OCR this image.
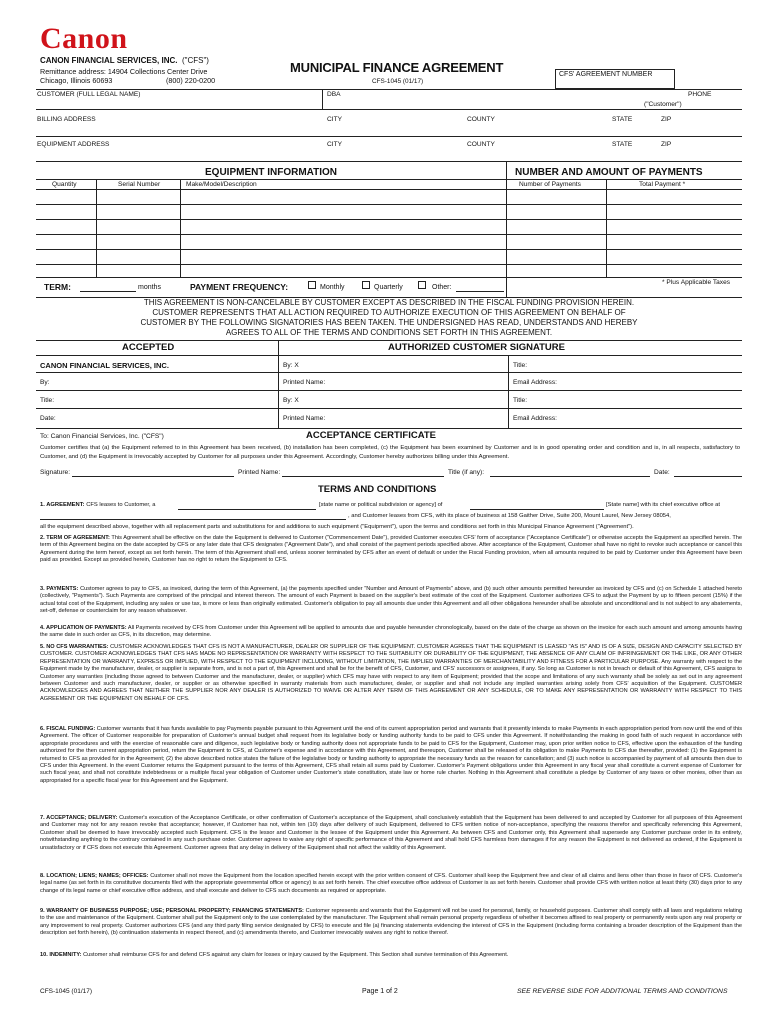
Canon
CANON FINANCIAL SERVICES, INC. ("CFS")
Remittance address: 14904 Collections Center Drive
Chicago, Illinois 60693	(800) 220-0200
MUNICIPAL FINANCE AGREEMENT
CFS-1045 (01/17)
CFS' AGREEMENT NUMBER
CUSTOMER (FULL LEGAL NAME)	DBA	PHONE
("Customer")
BILLING ADDRESS	CITY	COUNTY	STATE	ZIP
EQUIPMENT ADDRESS	CITY	COUNTY	STATE	ZIP
EQUIPMENT INFORMATION	NUMBER AND AMOUNT OF PAYMENTS
Quantity	Serial Number	Make/Model/Description	Number of Payments	Total Payment *
* Plus Applicable Taxes
TERM:	months	PAYMENT FREQUENCY:	Monthly	Quarterly	Other:
THIS AGREEMENT IS NON-CANCELABLE BY CUSTOMER EXCEPT AS DESCRIBED IN THE FISCAL FUNDING PROVISION HEREIN.
CUSTOMER REPRESENTS THAT ALL ACTION REQUIRED TO AUTHORIZE EXECUTION OF THIS AGREEMENT ON BEHALF OF
CUSTOMER BY THE FOLLOWING SIGNATORIES HAS BEEN TAKEN. THE UNDERSIGNED HAS READ, UNDERSTANDS AND HEREBY
AGREES TO ALL OF THE TERMS AND CONDITIONS SET FORTH IN THIS AGREEMENT.
ACCEPTED	AUTHORIZED CUSTOMER SIGNATURE
CANON FINANCIAL SERVICES, INC.	By: X	Title:
By:	Printed Name:	Email Address:
Title:	By: X	Title:
Date:	Printed Name:	Email Address:
To: Canon Financial Services, Inc. ("CFS")	ACCEPTANCE CERTIFICATE
Customer certifies that (a) the Equipment referred to in this Agreement has been received, (b) installation has been completed, (c) the Equipment has been examined by Customer and is in good operating order and condition and is, in all respects, satisfactory to Customer, and (d) the Equipment is irrevocably accepted by Customer for all purposes under this Agreement. Accordingly, Customer hereby authorizes billing under this Agreement.
Signature:	Printed Name:	Title (if any):	Date:
TERMS AND CONDITIONS
1. AGREEMENT: CFS leases to Customer, a	[state name or political subdivision or agency] of	[State name] with its chief executive office at
, and Customer leases from CFS, with its place of business at 158 Gaither Drive, Suite 200, Mount Laurel, New Jersey 08054,
all the equipment described above, together with all replacement parts and substitutions for and additions to such equipment ("Equipment"), upon the terms and conditions set forth in this Municipal Finance Agreement ("Agreement").
2. TERM OF AGREEMENT: This Agreement shall be effective on the date the Equipment is delivered to Customer ("Commencement Date"), provided Customer executes CFS' form of acceptance ("Acceptance Certificate") or otherwise accepts the Equipment as specified herein. The term of this Agreement begins on the date accepted by CFS or any later date that CFS designates ("Agreement Date"), and shall consist of the payment periods specified above. After acceptance of the Equipment, Customer shall have no right to revoke such acceptance or cancel this Agreement during the term hereof, except as set forth herein. The term of this Agreement shall end, unless sooner terminated by CFS after an event of default or under the Fiscal Funding provision, when all amounts required to be paid by Customer under this Agreement have been paid as provided. Except as provided herein, Customer has no right to return the Equipment to CFS.
3. PAYMENTS: Customer agrees to pay to CFS, as invoiced, during the term of this Agreement, (a) the payments specified under "Number and Amount of Payments" above, and (b) such other amounts permitted hereunder as invoiced by CFS and (c) on Schedule 1 attached hereto (collectively, "Payments"). Such Payments are comprised of the principal and interest thereon. The amount of each Payment is based on the supplier's best estimate of the cost of the Equipment. Customer authorizes CFS to adjust the Payment by up to fifteen percent (15%) if the actual total cost of the Equipment, including any sales or use tax, is more or less than originally estimated. Customer's obligation to pay all amounts due under this Agreement and all other obligations hereunder shall be absolute and unconditional and is not subject to any abatements, set-off, defense or counterclaim for any reason whatsoever.
4. APPLICATION OF PAYMENTS: All Payments received by CFS from Customer under this Agreement will be applied to amounts due and payable hereunder chronologically, based on the date of the charge as shown on the invoice for each such amount and among amounts having the same date in such order as CFS, in its discretion, may determine.
5. NO CFS WARRANTIES: CUSTOMER ACKNOWLEDGES THAT CFS IS NOT A MANUFACTURER, DEALER OR SUPPLIER OF THE EQUIPMENT. CUSTOMER AGREES THAT THE EQUIPMENT IS LEASED "AS IS" AND IS OF A SIZE, DESIGN AND CAPACITY SELECTED BY CUSTOMER. CUSTOMER ACKNOWLEDGES THAT CFS HAS MADE NO REPRESENTATION OR WARRANTY WITH RESPECT TO THE SUITABILITY OR DURABILITY OF THE EQUIPMENT, THE ABSENCE OF ANY CLAIM OF INFRINGEMENT OR THE LIKE, OR ANY OTHER REPRESENTATION OR WARRANTY, EXPRESS OR IMPLIED, WITH RESPECT TO THE EQUIPMENT INCLUDING, WITHOUT LIMITATION, THE IMPLIED WARRANTIES OF MERCHANTABILITY AND FITNESS FOR A PARTICULAR PURPOSE. Any warranty with respect to the Equipment made by the manufacturer, dealer, or supplier is separate from, and is not a part of, this Agreement and shall be for the benefit of CFS, Customer, and CFS' successors or assignees, if any. So long as Customer is not in breach or default of this Agreement, CFS assigns to Customer any warranties (including those agreed to between Customer and the manufacturer, dealer, or supplier) which CFS may have with respect to any item of Equipment; provided that the scope and limitations of any such warranty shall be solely as set out in any agreement between Customer and such manufacturer, dealer, or supplier or as otherwise specified in warranty materials from such manufacturer, dealer, or supplier and shall not include any implied warranties arising solely from CFS' acquisition of the Equipment. CUSTOMER ACKNOWLEDGES AND AGREES THAT NEITHER THE SUPPLIER NOR ANY DEALER IS AUTHORIZED TO WAIVE OR ALTER ANY TERM OF THIS AGREEMENT OR ANY SCHEDULE, OR TO MAKE ANY REPRESENTATION OR WARRANTY WITH RESPECT TO THIS AGREEMENT OR THE EQUIPMENT ON BEHALF OF CFS.
6. FISCAL FUNDING: Customer warrants that it has funds available to pay Payments payable pursuant to this Agreement until the end of its current appropriation period and warrants that it presently intends to make Payments in each appropriation period from now until the end of this Agreement. The officer of Customer responsible for preparation of Customer's annual budget shall request from its legislative body or funding authority funds to be paid to CFS under this Agreement. If notwithstanding the making in good faith of such request in accordance with appropriate procedures and with the exercise of reasonable care and diligence, such legislative body or funding authority does not appropriate funds to be paid to CFS for the Equipment, Customer may, upon prior written notice to CFS, effective upon the exhaustion of the funding authorized for the then current appropriation period, return the Equipment to CFS, at Customer's expense and in accordance with this Agreement, and thereupon, Customer shall be released of its obligation to make Payments to CFS due thereafter, provided: (1) the Equipment is returned to CFS as provided for in the Agreement; (2) the above described notice states the failure of the legislative body or funding authority to appropriate the necessary funds as the reason for cancellation; and (3) such notice is accompanied by payment of all amounts then due to CFS under this Agreement. In the event Customer returns the Equipment pursuant to the terms of this Agreement, CFS shall retain all sums paid by Customer. Customer's Payment obligations under this Agreement in any fiscal year shall constitute a current expense of Customer for such fiscal year, and shall not constitute indebtedness or a multiple fiscal year obligation of Customer under Customer's state constitution, state law or home rule charter. Nothing in this Agreement shall constitute a pledge by Customer of any taxes or other monies, other than as appropriated for a specific fiscal year for this Agreement and the Equipment.
7. ACCEPTANCE; DELIVERY: Customer's execution of the Acceptance Certificate, or other confirmation of Customer's acceptance of the Equipment, shall conclusively establish that the Equipment has been delivered to and accepted by Customer for all purposes of this Agreement and Customer may not for any reason revoke that acceptance; however, if Customer has not, within ten (10) days after delivery of such Equipment, delivered to CFS written notice of non-acceptance, specifying the reasons therefor and specifically referencing this Agreement, Customer shall be deemed to have irrevocably accepted such Equipment. CFS is the lessor and Customer is the lessee of the Equipment under this Agreement. As between CFS and Customer only, this Agreement shall supersede any Customer purchase order in its entirety, notwithstanding anything to the contrary contained in any such purchase order. Customer agrees to waive any right of specific performance of this Agreement and shall hold CFS harmless from damages if for any reason the Equipment is not delivered as ordered, if the Equipment is unsatisfactory or if CFS does not execute this Agreement. Customer agrees that any delay in delivery of the Equipment shall not affect the validity of this Agreement.
8. LOCATION; LIENS; NAMES; OFFICES: Customer shall not move the Equipment from the location specified herein except with the prior written consent of CFS. Customer shall keep the Equipment free and clear of all claims and liens other than those in favor of CFS. Customer's legal name (as set forth in its constitutive documents filed with the appropriate governmental office or agency) is as set forth herein. The chief executive office address of Customer is as set forth herein. Customer shall provide CFS with written notice at least thirty (30) days prior to any change of its legal name or chief executive office address, and shall execute and deliver to CFS such documents as required or appropriate.
9. WARRANTY OF BUSINESS PURPOSE; USE; PERSONAL PROPERTY; FINANCING STATEMENTS: Customer represents and warrants that the Equipment will not be used for personal, family, or household purposes. Customer shall comply with all laws and regulations relating to the use and maintenance of the Equipment. Customer shall put the Equipment only to the use contemplated by the manufacturer. The Equipment shall remain personal property regardless of whether it becomes affixed to real property or permanently rests upon any real property or any improvement to real property. Customer authorizes CFS (and any third party filing service designated by CFS) to execute and file (a) financing statements evidencing the interest of CFS in the Equipment (including forms containing a broader description of the Equipment than the description set forth herein), (b) continuation statements in respect thereof, and (c) amendments thereto, and Customer irrevocably waives any right to notice thereof.
10. INDEMNITY: Customer shall reimburse CFS for and defend CFS against any claim for losses or injury caused by the Equipment. This Section shall survive termination of this Agreement.
CFS-1045 (01/17)	Page 1 of 2	SEE REVERSE SIDE FOR ADDITIONAL TERMS AND CONDITIONS
